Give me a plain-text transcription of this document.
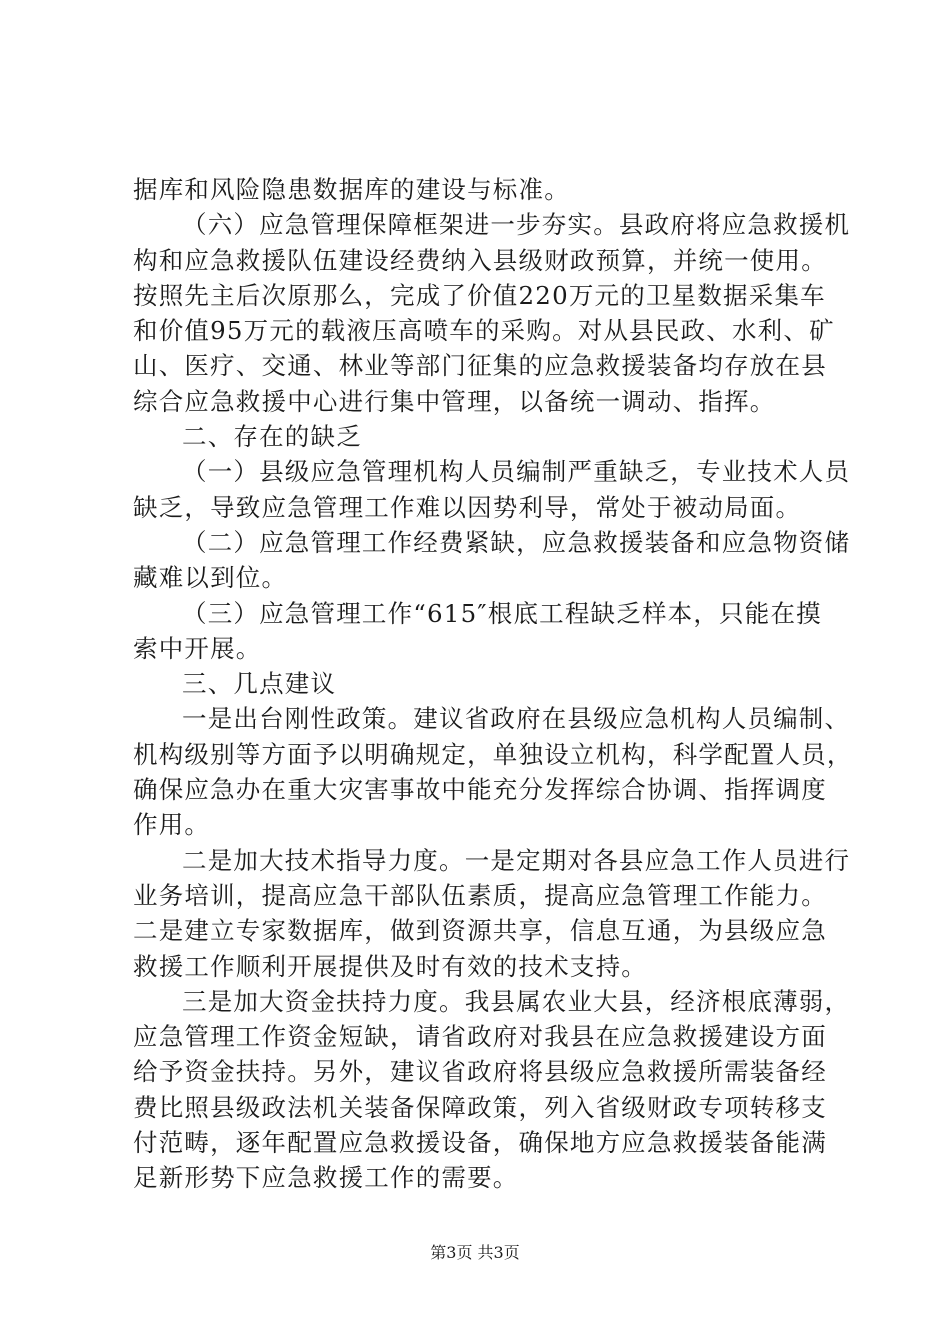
据库和风险隐患数据库的建设与标准。
（六）应急管理保障框架进一步夯实。县政府将应急救援机
构和应急救援队伍建设经费纳入县级财政预算，并统一使用。
按照先主后次原那么，完成了价值220万元的卫星数据采集车
和价值95万元的载液压高喷车的采购。对从县民政、水利、矿
山、医疗、交通、林业等部门征集的应急救援装备均存放在县
综合应急救援中心进行集中管理，以备统一调动、指挥。
二、存在的缺乏
（一）县级应急管理机构人员编制严重缺乏，专业技术人员
缺乏，导致应急管理工作难以因势利导，常处于被动局面。
（二）应急管理工作经费紧缺，应急救援装备和应急物资储
藏难以到位。
（三）应急管理工作“615″根底工程缺乏样本，只能在摸
索中开展。
三、几点建议
一是出台刚性政策。建议省政府在县级应急机构人员编制、
机构级别等方面予以明确规定，单独设立机构，科学配置人员，
确保应急办在重大灾害事故中能充分发挥综合协调、指挥调度
作用。
二是加大技术指导力度。一是定期对各县应急工作人员进行
业务培训，提高应急干部队伍素质，提高应急管理工作能力。
二是建立专家数据库，做到资源共享，信息互通，为县级应急
救援工作顺利开展提供及时有效的技术支持。
三是加大资金扶持力度。我县属农业大县，经济根底薄弱，
应急管理工作资金短缺，请省政府对我县在应急救援建设方面
给予资金扶持。另外，建议省政府将县级应急救援所需装备经
费比照县级政法机关装备保障政策，列入省级财政专项转移支
付范畴，逐年配置应急救援设备，确保地方应急救援装备能满
足新形势下应急救援工作的需要。
第3页 共3页
